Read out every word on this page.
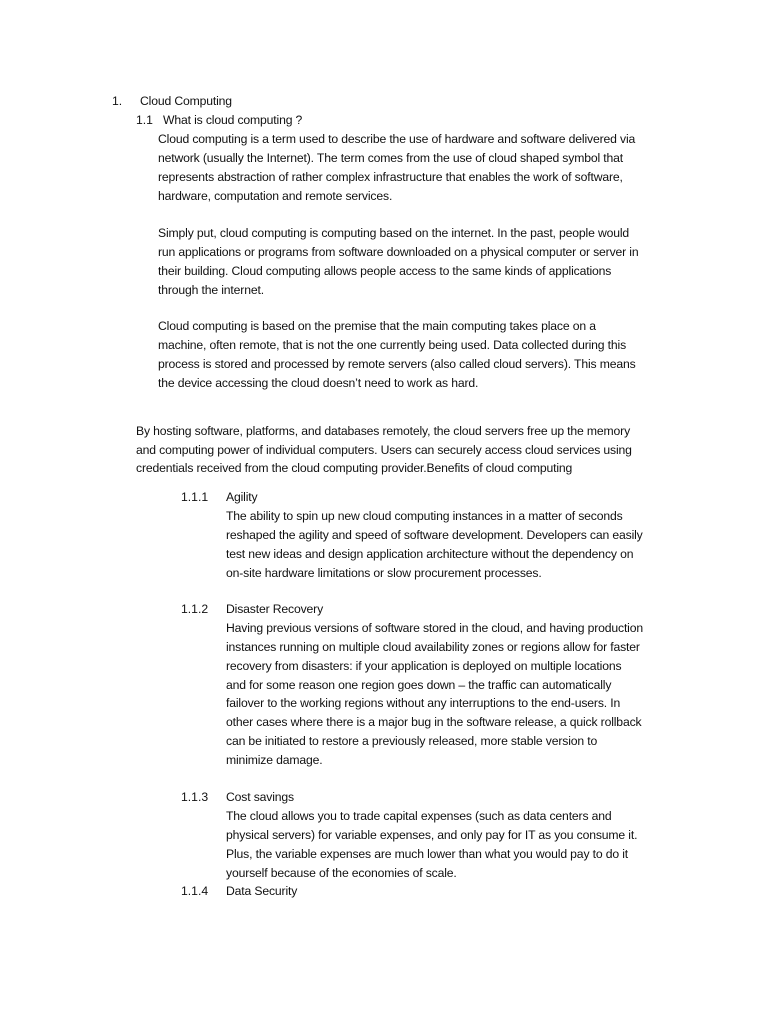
1. Cloud Computing
1.1 What is cloud computing ?
Cloud computing is a term used to describe the use of hardware and software delivered via
network (usually the Internet). The term comes from the use of cloud shaped symbol that
represents abstraction of rather complex infrastructure that enables the work of software,
hardware, computation and remote services.
Simply put, cloud computing is computing based on the internet. In the past, people would
run applications or programs from software downloaded on a physical computer or server in
their building. Cloud computing allows people access to the same kinds of applications
through the internet.
Cloud computing is based on the premise that the main computing takes place on a
machine, often remote, that is not the one currently being used. Data collected during this
process is stored and processed by remote servers (also called cloud servers). This means
the device accessing the cloud doesn’t need to work as hard.
By hosting software, platforms, and databases remotely, the cloud servers free up the memory
and computing power of individual computers. Users can securely access cloud services using
credentials received from the cloud computing provider.Benefits of cloud computing
1.1.1 Agility
The ability to spin up new cloud computing instances in a matter of seconds
reshaped the agility and speed of software development. Developers can easily
test new ideas and design application architecture without the dependency on
on-site hardware limitations or slow procurement processes.
1.1.2 Disaster Recovery
Having previous versions of software stored in the cloud, and having production
instances running on multiple cloud availability zones or regions allow for faster
recovery from disasters: if your application is deployed on multiple locations
and for some reason one region goes down – the traffic can automatically
failover to the working regions without any interruptions to the end-users. In
other cases where there is a major bug in the software release, a quick rollback
can be initiated to restore a previously released, more stable version to
minimize damage.
1.1.3 Cost savings
The cloud allows you to trade capital expenses (such as data centers and
physical servers) for variable expenses, and only pay for IT as you consume it.
Plus, the variable expenses are much lower than what you would pay to do it
yourself because of the economies of scale.
1.1.4 Data Security
